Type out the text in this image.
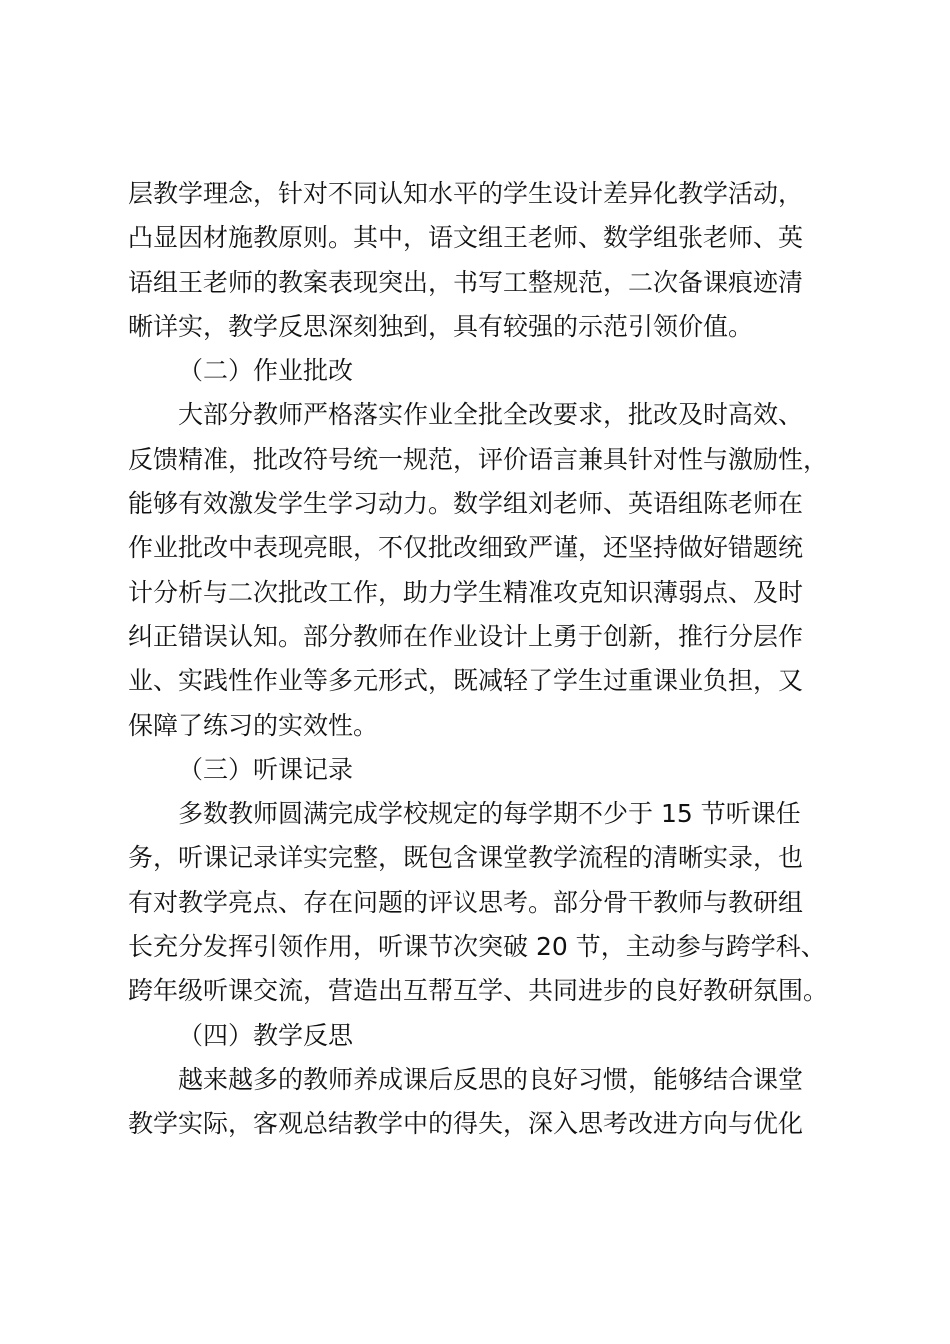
层教学理念，针对不同认知水平的学生设计差异化教学活动，
凸显因材施教原则。其中，语文组王老师、数学组张老师、英
语组王老师的教案表现突出，书写工整规范，二次备课痕迹清
晰详实，教学反思深刻独到，具有较强的示范引领价值。
（二）作业批改
大部分教师严格落实作业全批全改要求，批改及时高效、
反馈精准，批改符号统一规范，评价语言兼具针对性与激励性，
能够有效激发学生学习动力。数学组刘老师、英语组陈老师在
作业批改中表现亮眼，不仅批改细致严谨，还坚持做好错题统
计分析与二次批改工作，助力学生精准攻克知识薄弱点、及时
纠正错误认知。部分教师在作业设计上勇于创新，推行分层作
业、实践性作业等多元形式，既减轻了学生过重课业负担，又
保障了练习的实效性。
（三）听课记录
多数教师圆满完成学校规定的每学期不少于 15 节听课任
务，听课记录详实完整，既包含课堂教学流程的清晰实录，也
有对教学亮点、存在问题的评议思考。部分骨干教师与教研组
长充分发挥引领作用，听课节次突破 20 节，主动参与跨学科、
跨年级听课交流，营造出互帮互学、共同进步的良好教研氛围。
（四）教学反思
越来越多的教师养成课后反思的良好习惯，能够结合课堂
教学实际，客观总结教学中的得失，深入思考改进方向与优化
